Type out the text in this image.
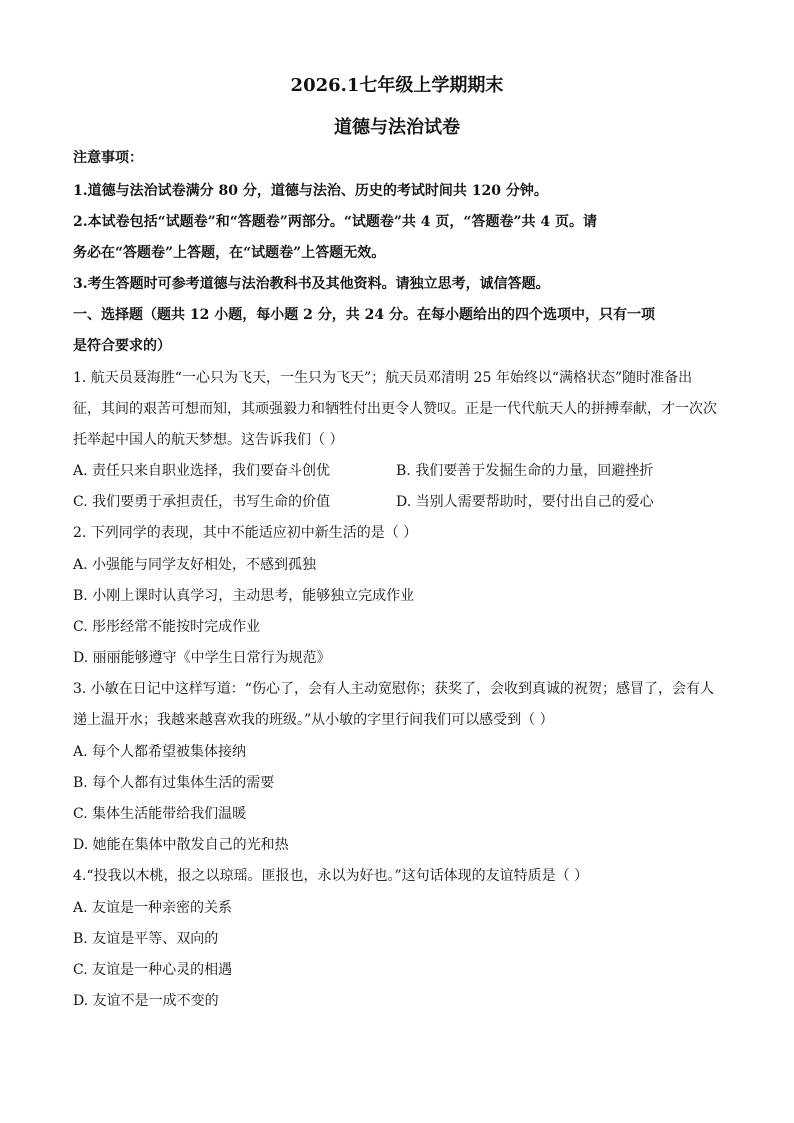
2026.1七年级上学期期末
道德与法治试卷
注意事项：
1.道德与法治试卷满分 80 分，道德与法治、历史的考试时间共 120 分钟。
2.本试卷包括“试题卷”和“答题卷”两部分。“试题卷”共 4 页，“答题卷”共 4 页。请
务必在“答题卷”上答题，在“试题卷”上答题无效。
3.考生答题时可参考道德与法治教科书及其他资料。请独立思考，诚信答题。
一、选择题（题共 12 小题，每小题 2 分，共 24 分。在每小题给出的四个选项中，只有一项
是符合要求的）
1. 航天员聂海胜“一心只为飞天，一生只为飞天”；航天员邓清明 25 年始终以“满格状态”随时准备出
征，其间的艰苦可想而知，其顽强毅力和牺牲付出更令人赞叹。正是一代代航天人的拼搏奉献，才一次次
托举起中国人的航天梦想。这告诉我们（ ）
A. 责任只来自职业选择，我们要奋斗创优	B. 我们要善于发掘生命的力量，回避挫折
C. 我们要勇于承担责任，书写生命的价值	D. 当别人需要帮助时，要付出自己的爱心
2. 下列同学的表现，其中不能适应初中新生活的是（ ）
A. 小强能与同学友好相处，不感到孤独
B. 小刚上课时认真学习，主动思考，能够独立完成作业
C. 彤彤经常不能按时完成作业
D. 丽丽能够遵守《中学生日常行为规范》
3. 小敏在日记中这样写道：“伤心了，会有人主动宽慰你；获奖了，会收到真诚的祝贺；感冒了，会有人
递上温开水；我越来越喜欢我的班级。”从小敏的字里行间我们可以感受到（ ）
A. 每个人都希望被集体接纳
B. 每个人都有过集体生活的需要
C. 集体生活能带给我们温暖
D. 她能在集体中散发自己的光和热
4.“投我以木桃，报之以琼瑶。匪报也，永以为好也。”这句话体现的友谊特质是（ ）
A. 友谊是一种亲密的关系
B. 友谊是平等、双向的
C. 友谊是一种心灵的相遇
D. 友谊不是一成不变的
